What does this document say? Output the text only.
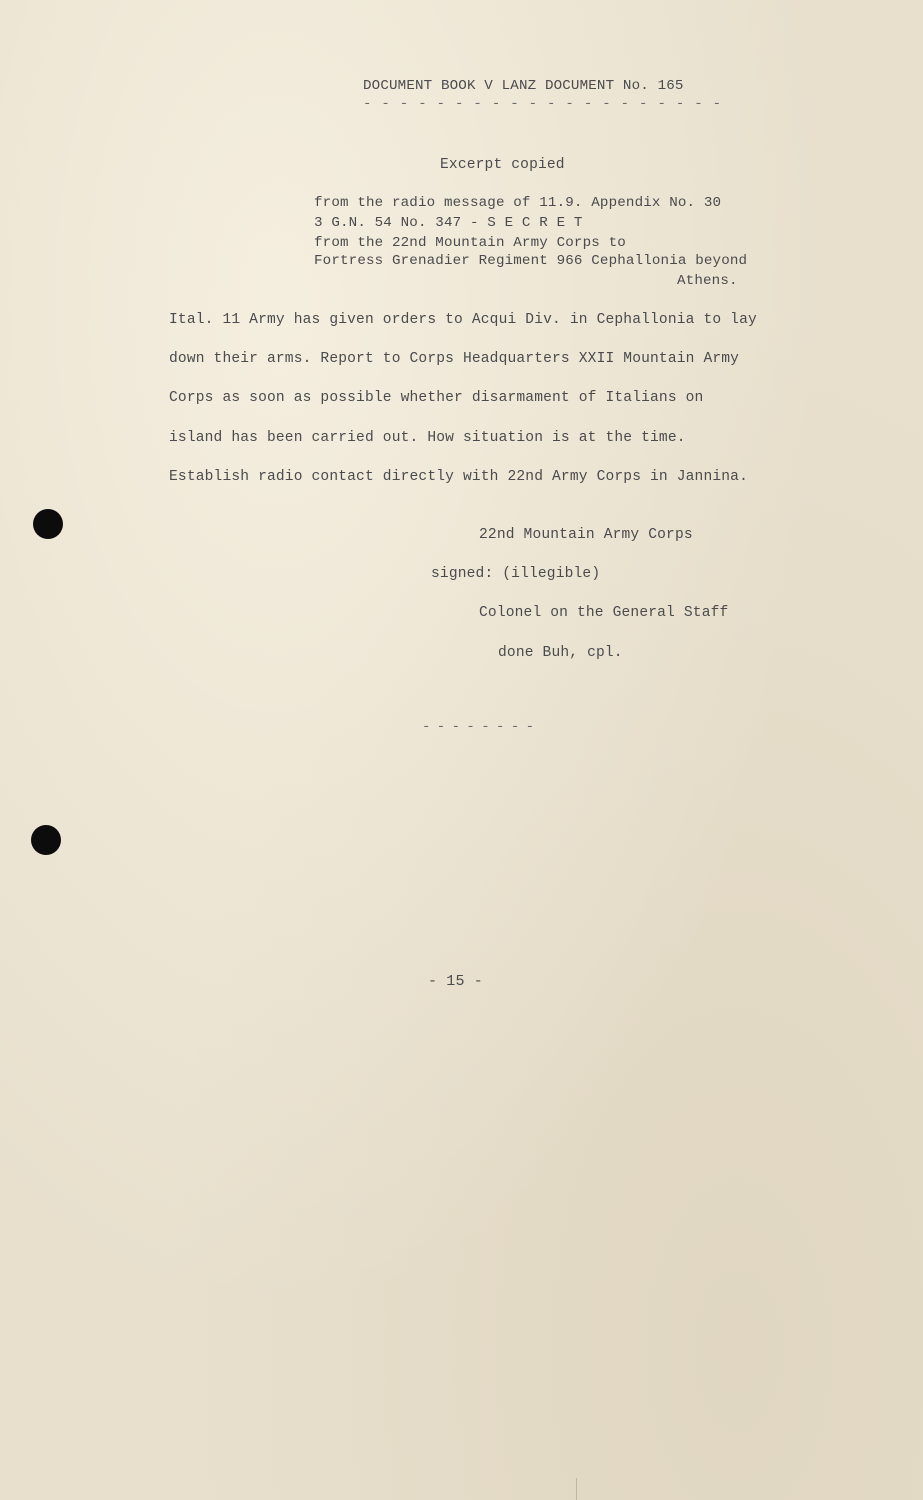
DOCUMENT BOOK V LANZ DOCUMENT No. 165
- - - - - - - - - - - - - - - - - - - -
Excerpt copied
from the radio message of 11.9. Appendix No. 30
3 G.N. 54 No. 347 - S E C R E T
from the 22nd Mountain Army Corps to
Fortress Grenadier Regiment 966 Cephallonia beyond
Athens.
Ital. 11 Army has given orders to Acqui Div. in Cephallonia to lay
down their arms. Report to Corps Headquarters XXII Mountain Army
Corps as soon as possible whether disarmament of Italians on
island has been carried out. How situation is at the time.
Establish radio contact directly with 22nd Army Corps in Jannina.
22nd Mountain Army Corps
signed: (illegible)
Colonel on the General Staff
done Buh, cpl.
- - - - - - - -
- 15 -
